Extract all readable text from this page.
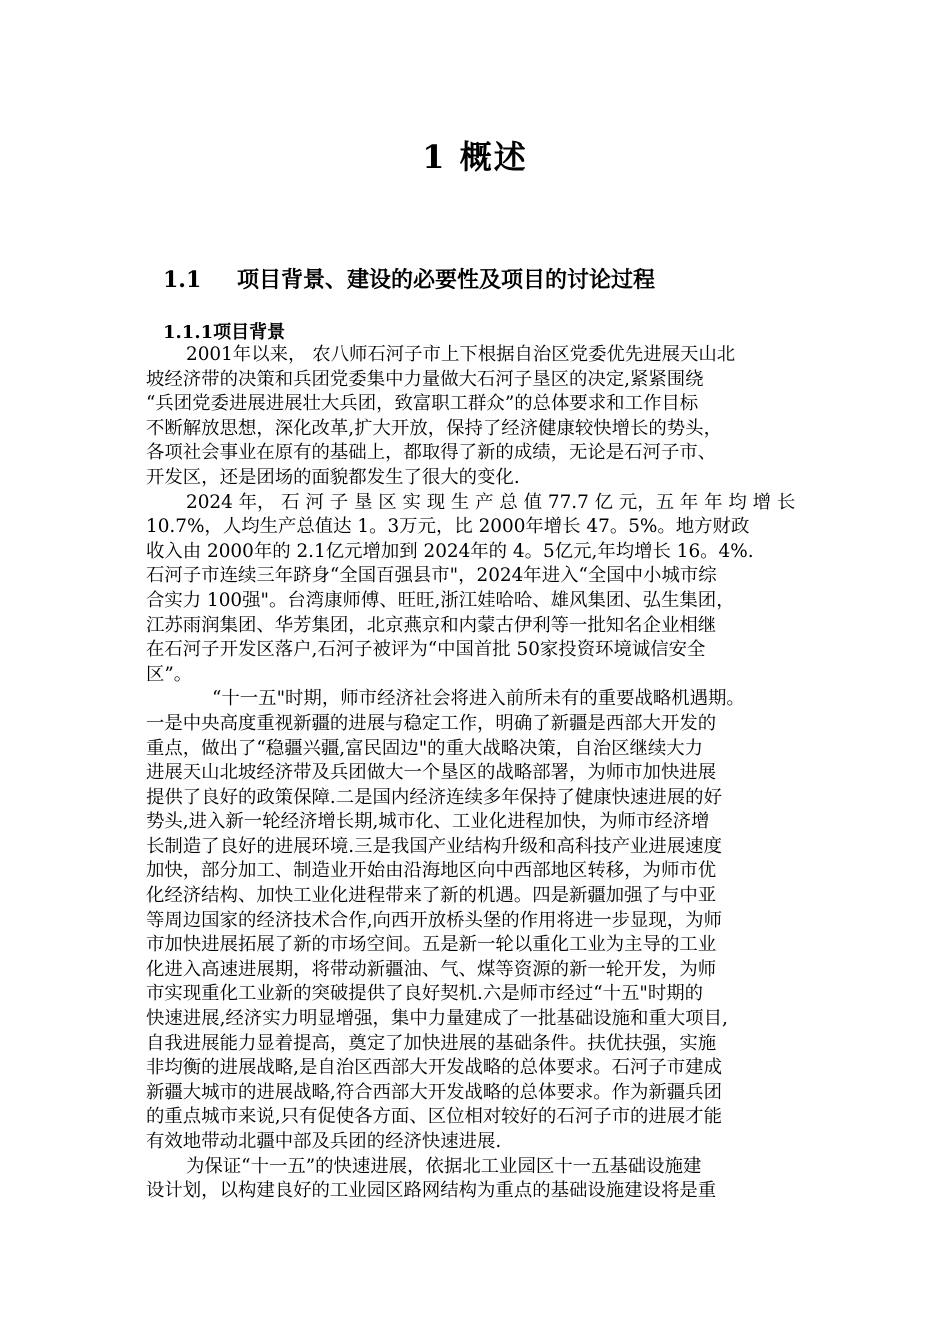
1 概述
1.1 项目背景、建设的必要性及项目的讨论过程
1.1.1项目背景

2001年以来， 农八师石河子市上下根据自治区党委优先进展天山北

坡经济带的决策和兵团党委集中力量做大石河子垦区的决定,紧紧围绕

“兵团党委进展进展壮大兵团，致富职工群众”的总体要求和工作目标

不断解放思想，深化改革,扩大开放，保持了经济健康较快增长的势头，

各项社会事业在原有的基础上，都取得了新的成绩，无论是石河子市、

开发区，还是团场的面貌都发生了很大的变化.

2024 年， 石 河 子 垦 区 实 现 生 产 总 值 77.7 亿 元，五 年 年 均 增 长

10.7%，人均生产总值达 1。3万元，比 2000年增长 47。5%。地方财政

收入由 2000年的 2.1亿元增加到 2024年的 4。5亿元,年均增长 16。4%.

石河子市连续三年跻身“全国百强县市"，2024年进入“全国中小城市综

合实力 100强"。台湾康师傅、旺旺,浙江娃哈哈、雄风集团、弘生集团，

江苏雨润集团、华芳集团，北京燕京和内蒙古伊利等一批知名企业相继

在石河子开发区落户,石河子被评为“中国首批 50家投资环境诚信安全

区”。

“十一五"时期，师市经济社会将进入前所未有的重要战略机遇期。

一是中央高度重视新疆的进展与稳定工作，明确了新疆是西部大开发的

重点，做出了“稳疆兴疆,富民固边"的重大战略决策，自治区继续大力

进展天山北坡经济带及兵团做大一个垦区的战略部署，为师市加快进展

提供了良好的政策保障.二是国内经济连续多年保持了健康快速进展的好

势头,进入新一轮经济增长期,城市化、工业化进程加快，为师市经济增

长制造了良好的进展环境.三是我国产业结构升级和高科技产业进展速度

加快，部分加工、制造业开始由沿海地区向中西部地区转移，为师市优

化经济结构、加快工业化进程带来了新的机遇。四是新疆加强了与中亚

等周边国家的经济技术合作,向西开放桥头堡的作用将进一步显现，为师

市加快进展拓展了新的市场空间。五是新一轮以重化工业为主导的工业

化进入高速进展期，将带动新疆油、气、煤等资源的新一轮开发，为师

市实现重化工业新的突破提供了良好契机.六是师市经过“十五"时期的

快速进展,经济实力明显增强，集中力量建成了一批基础设施和重大项目,

自我进展能力显着提高，奠定了加快进展的基础条件。扶优扶强，实施

非均衡的进展战略,是自治区西部大开发战略的总体要求。石河子市建成

新疆大城市的进展战略,符合西部大开发战略的总体要求。作为新疆兵团

的重点城市来说,只有促使各方面、区位相对较好的石河子市的进展才能

有效地带动北疆中部及兵团的经济快速进展.

为保证“十一五”的快速进展，依据北工业园区十一五基础设施建

设计划，以构建良好的工业园区路网结构为重点的基础设施建设将是重
